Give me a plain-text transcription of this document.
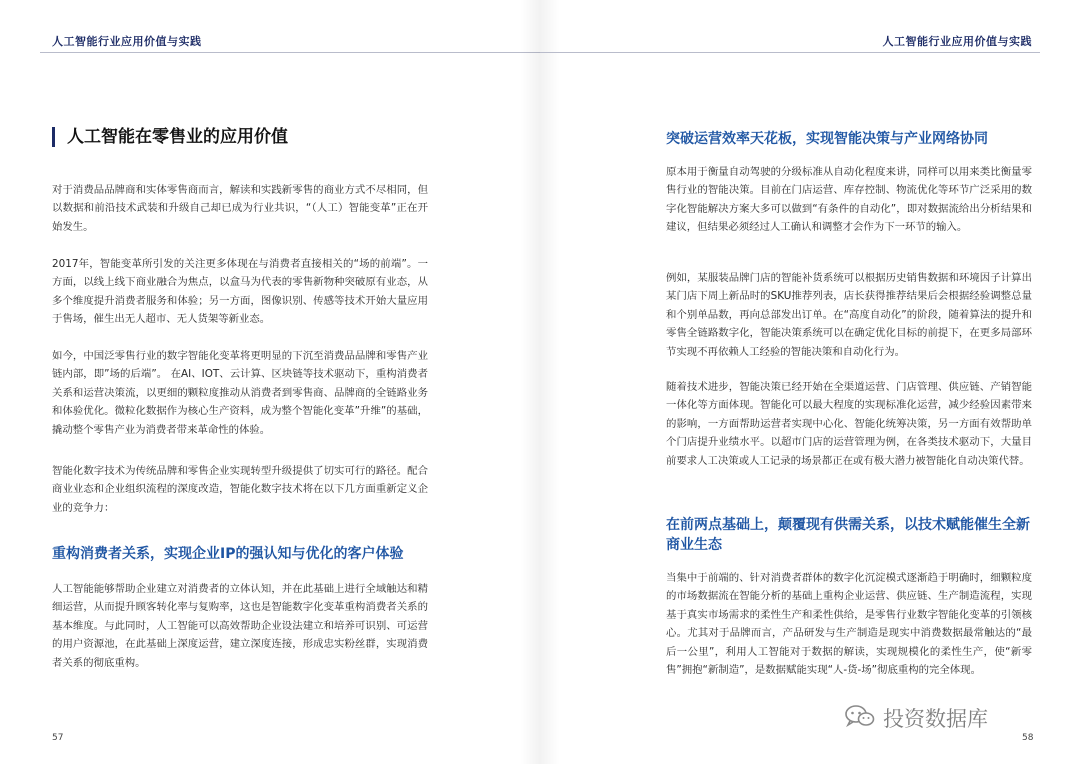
人工智能行业应用价值与实践
人工智能在零售业的应用价值

对于消费品品牌商和实体零售商而言，解读和实践新零售的商业方式不尽相同，但以数据和前沿技术武装和升级自己却已成为行业共识，“（人工）智能变革”正在开始发生。

2017年，智能变革所引发的关注更多体现在与消费者直接相关的“场的前端”。一方面，以线上线下商业融合为焦点，以盒马为代表的零售新物种突破原有业态，从多个维度提升消费者服务和体验；另一方面，图像识别、传感等技术开始大量应用于售场，催生出无人超市、无人货架等新业态。

如今，中国泛零售行业的数字智能化变革将更明显的下沉至消费品品牌和零售产业链内部，即”场的后端”。 在AI、IOT、云计算、区块链等技术驱动下，重构消费者关系和运营决策流，以更细的颗粒度推动从消费者到零售商、品牌商的全链路业务和体验优化。微粒化数据作为核心生产资料，成为整个智能化变革”升维”的基础，撬动整个零售产业为消费者带来革命性的体验。

智能化数字技术为传统品牌和零售企业实现转型升级提供了切实可行的路径。配合商业业态和企业组织流程的深度改造，智能化数字技术将在以下几方面重新定义企业的竞争力：

重构消费者关系，实现企业IP的强认知与优化的客户体验

人工智能能够帮助企业建立对消费者的立体认知，并在此基础上进行全域触达和精细运营，从而提升顾客转化率与复购率，这也是智能数字化变革重构消费者关系的基本维度。与此同时，人工智能可以高效帮助企业设法建立和培养可识别、可运营的用户资源池，在此基础上深度运营，建立深度连接，形成忠实粉丝群，实现消费者关系的彻底重构。

57
人工智能行业应用价值与实践
突破运营效率天花板，实现智能决策与产业网络协同

原本用于衡量自动驾驶的分级标准从自动化程度来讲，同样可以用来类比衡量零售行业的智能决策。目前在门店运营、库存控制、物流优化等环节广泛采用的数字化智能解决方案大多可以做到“有条件的自动化”，即对数据流给出分析结果和建议，但结果必须经过人工确认和调整才会作为下一环节的输入。

例如，某服装品牌门店的智能补货系统可以根据历史销售数据和环境因子计算出某门店下周上新品时的SKU推荐列表，店长获得推荐结果后会根据经验调整总量和个别单品数，再向总部发出订单。在“高度自动化”的阶段，随着算法的提升和零售全链路数字化，智能决策系统可以在确定优化目标的前提下，在更多局部环节实现不再依赖人工经验的智能决策和自动化行为。

随着技术进步，智能决策已经开始在全渠道运营、门店管理、供应链、产销智能一体化等方面体现。智能化可以最大程度的实现标准化运营，减少经验因素带来的影响，一方面帮助运营者实现中心化、智能化统筹决策，另一方面有效帮助单个门店提升业绩水平。以超市门店的运营管理为例，在各类技术驱动下，大量目前要求人工决策或人工记录的场景都正在或有极大潜力被智能化自动决策代替。

在前两点基础上，颠覆现有供需关系，以技术赋能催生全新商业生态

当集中于前端的、针对消费者群体的数字化沉淀模式逐渐趋于明确时，细颗粒度的市场数据流在智能分析的基础上重构企业运营、供应链、生产制造流程，实现基于真实市场需求的柔性生产和柔性供给，是零售行业数字智能化变革的引领核心。尤其对于品牌而言，产品研发与生产制造是现实中消费数据最常触达的“最后一公里”，利用人工智能对于数据的解读，实现规模化的柔性生产，使“新零售”拥抱“新制造”，是数据赋能实现“人-货-场”彻底重构的完全体现。

58
投资数据库
